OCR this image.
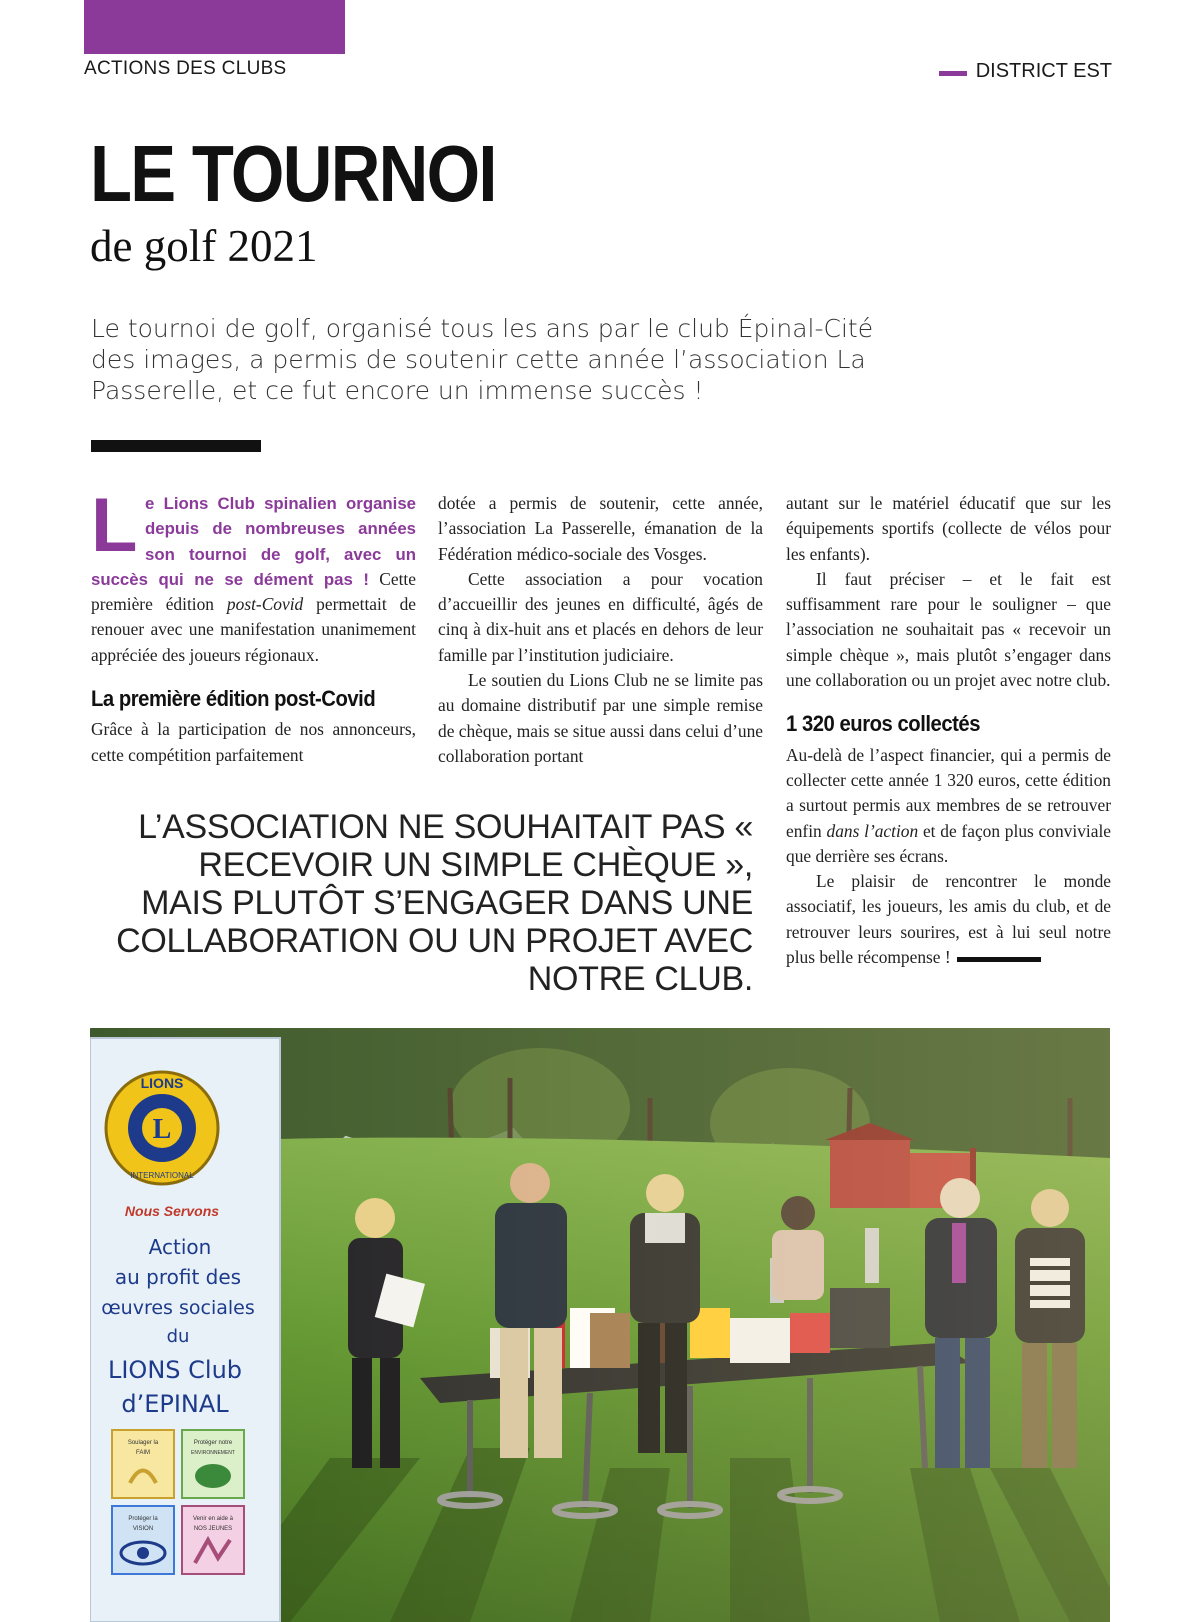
ACTIONS DES CLUBS	DISTRICT EST
LE TOURNOI
de golf 2021
Le tournoi de golf, organisé tous les ans par le club Épinal-Cité des images, a permis de soutenir cette année l’association La Passerelle, et ce fut encore un immense succès !

Le Lions Club spinalien organise depuis de nombreuses années son tournoi de golf, avec un succès qui ne se dément pas ! Cette première édition post-Covid permettait de renouer avec une manifestation unanimement appréciée des joueurs régionaux.

La première édition post-Covid

Grâce à la participation de nos annonceurs, cette compétition parfaitement

dotée a permis de soutenir, cette année, l’association La Passerelle, émanation de la Fédération médico-sociale des Vosges.

Cette association a pour vocation d’accueillir des jeunes en difficulté, âgés de cinq à dix-huit ans et placés en dehors de leur famille par l’institution judiciaire.

Le soutien du Lions Club ne se limite pas au domaine distributif par une simple remise de chèque, mais se situe aussi dans celui d’une collaboration portant

autant sur le matériel éducatif que sur les équipements sportifs (collecte de vélos pour les enfants).

Il faut préciser – et le fait est suffisamment rare pour le souligner – que l’association ne souhaitait pas « recevoir un simple chèque », mais plutôt s’engager dans une collaboration ou un projet avec notre club.

1 320 euros collectés

Au-delà de l’aspect financier, qui a permis de collecter cette année 1 320 euros, cette édition a surtout permis aux membres de se retrouver enfin dans l’action et de façon plus conviviale que derrière ses écrans.

Le plaisir de rencontrer le monde associatif, les joueurs, les amis du club, et de retrouver leurs sourires, est à lui seul notre plus belle récompense !

L’ASSOCIATION NE SOUHAITAIT PAS « RECEVOIR UN SIMPLE CHÈQUE », MAIS PLUTÔT S’ENGAGER DANS UNE COLLABORATION OU UN PROJET AVEC NOTRE CLUB.
L
LIONS
INTERNATIONAL
Nous Servons
Action
au profit des
œuvres sociales
du
LIONS Club
d’EPINAL
Soulager la
FAIM
Protéger notre
ENVIRONNEMENT
Protéger la
VISION
Venir en aide à
NOS JEUNES
